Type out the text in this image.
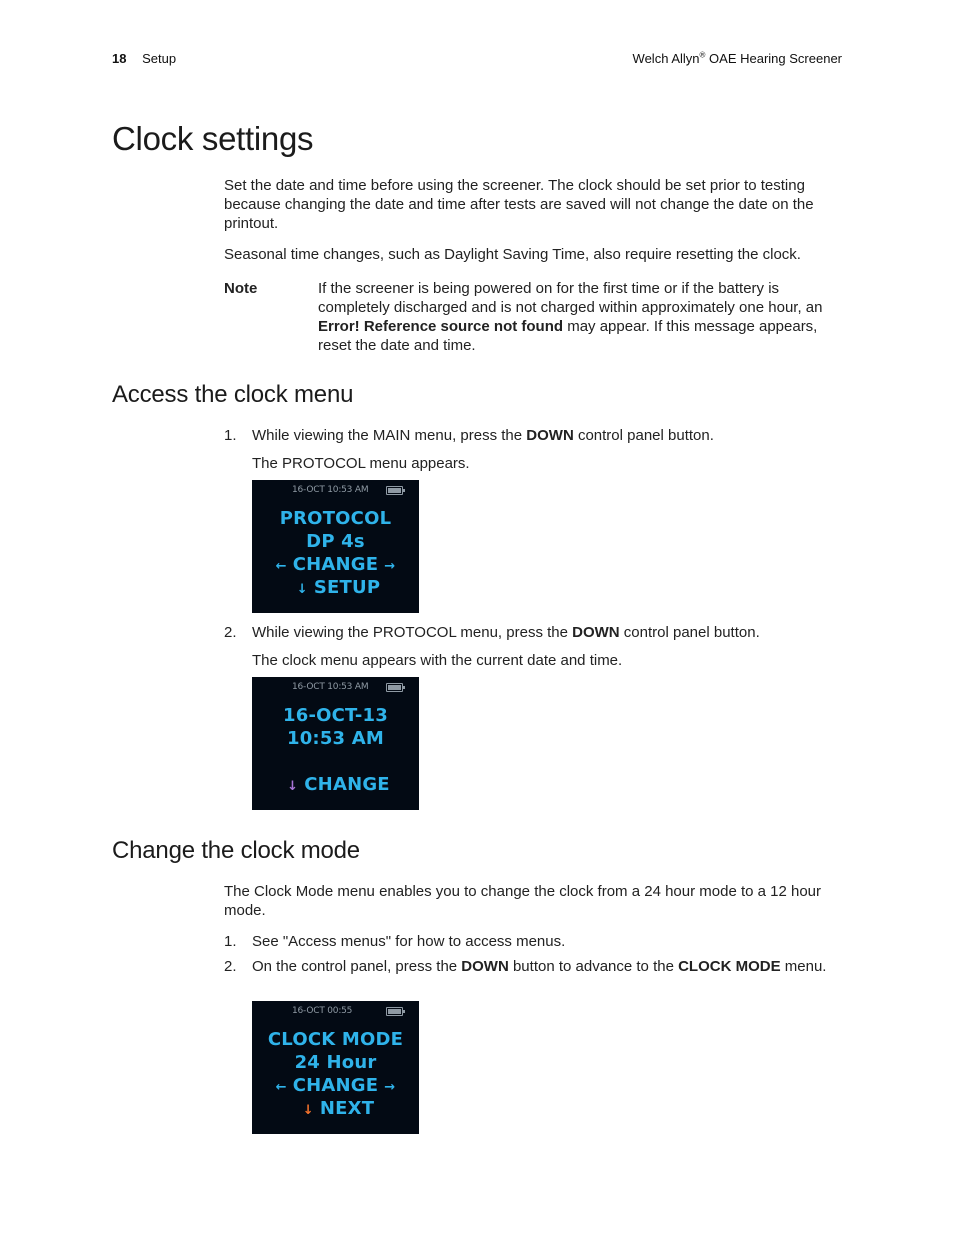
18 Setup	Welch Allyn® OAE Hearing Screener
Clock settings

Set the date and time before using the screener. The clock should be set prior to testing because changing the date and time after tests are saved will not change the date on the printout.

Seasonal time changes, such as Daylight Saving Time, also require resetting the clock.

Note	If the screener is being powered on for the first time or if the battery is completely discharged and is not charged within approximately one hour, an Error! Reference source not found may appear. If this message appears, reset the date and time.

Access the clock menu
1. While viewing the MAIN menu, press the DOWN control panel button.

The PROTOCOL menu appears.

16-OCT 10:53 AM
PROTOCOL
DP 4s
← CHANGE →
↓ SETUP
2. While viewing the PROTOCOL menu, press the DOWN control panel button.

The clock menu appears with the current date and time.

16-OCT 10:53 AM
16-OCT-13
10:53 AM
↓ CHANGE
Change the clock mode

The Clock Mode menu enables you to change the clock from a 24 hour mode to a 12 hour mode.

1. See "Access menus" for how to access menus.

2. On the control panel, press the DOWN button to advance to the CLOCK MODE menu.

16-OCT 00:55
CLOCK MODE
24 Hour
← CHANGE →
↓ NEXT
